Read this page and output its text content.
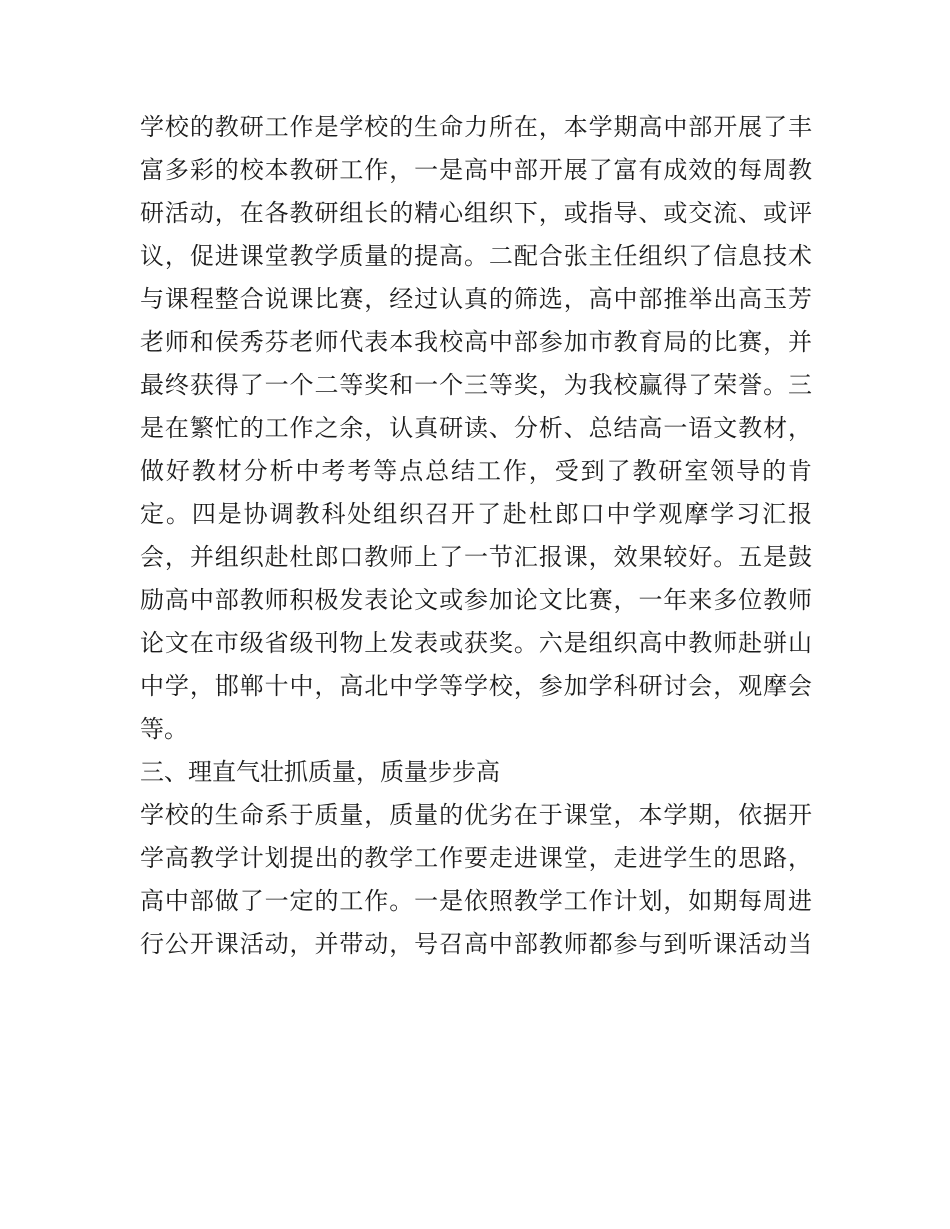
学校的教研工作是学校的生命力所在，本学期高中部开展了丰
富多彩的校本教研工作，一是高中部开展了富有成效的每周教
研活动，在各教研组长的精心组织下，或指导、或交流、或评
议，促进课堂教学质量的提高。二配合张主任组织了信息技术
与课程整合说课比赛，经过认真的筛选，高中部推举出高玉芳
老师和侯秀芬老师代表本我校高中部参加市教育局的比赛，并
最终获得了一个二等奖和一个三等奖，为我校赢得了荣誉。三
是在繁忙的工作之余，认真研读、分析、总结高一语文教材，
做好教材分析中考考等点总结工作，受到了教研室领导的肯
定。四是协调教科处组织召开了赴杜郎口中学观摩学习汇报
会，并组织赴杜郎口教师上了一节汇报课，效果较好。五是鼓
励高中部教师积极发表论文或参加论文比赛，一年来多位教师
论文在市级省级刊物上发表或获奖。六是组织高中教师赴骈山
中学，邯郸十中，高北中学等学校，参加学科研讨会，观摩会
等。
三、理直气壮抓质量，质量步步高
学校的生命系于质量，质量的优劣在于课堂，本学期，依据开
学高教学计划提出的教学工作要走进课堂，走进学生的思路，
高中部做了一定的工作。一是依照教学工作计划，如期每周进
行公开课活动，并带动，号召高中部教师都参与到听课活动当
